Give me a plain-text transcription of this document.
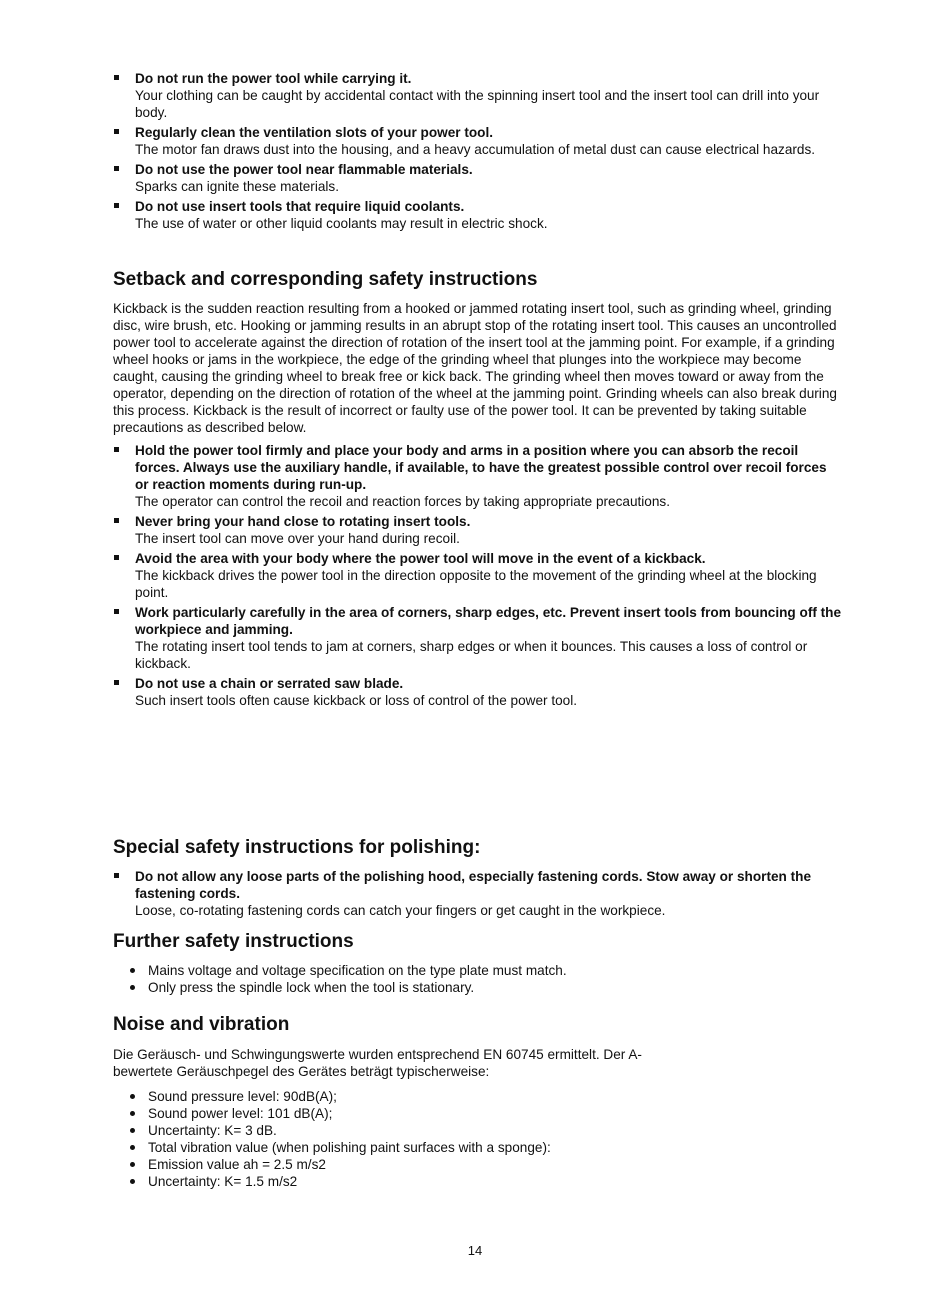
Do not run the power tool while carrying it.
Your clothing can be caught by accidental contact with the spinning insert tool and the insert tool can drill into your body.
Regularly clean the ventilation slots of your power tool.
The motor fan draws dust into the housing, and a heavy accumulation of metal dust can cause electrical hazards.
Do not use the power tool near flammable materials.
Sparks can ignite these materials.
Do not use insert tools that require liquid coolants.
The use of water or other liquid coolants may result in electric shock.
Setback and corresponding safety instructions

Kickback is the sudden reaction resulting from a hooked or jammed rotating insert tool, such as grinding wheel, grinding disc, wire brush, etc. Hooking or jamming results in an abrupt stop of the rotating insert tool. This causes an uncontrolled power tool to accelerate against the direction of rotation of the insert tool at the jamming point. For example, if a grinding wheel hooks or jams in the workpiece, the edge of the grinding wheel that plunges into the workpiece may become caught, causing the grinding wheel to break free or kick back. The grinding wheel then moves toward or away from the operator, depending on the direction of rotation of the wheel at the jamming point. Grinding wheels can also break during this process. Kickback is the result of incorrect or faulty use of the power tool. It can be prevented by taking suitable precautions as described below.

Hold the power tool firmly and place your body and arms in a position where you can absorb the recoil forces. Always use the auxiliary handle, if available, to have the greatest possible control over recoil forces or reaction moments during run-up.
The operator can control the recoil and reaction forces by taking appropriate precautions.
Never bring your hand close to rotating insert tools.
The insert tool can move over your hand during recoil.
Avoid the area with your body where the power tool will move in the event of a kickback.
The kickback drives the power tool in the direction opposite to the movement of the grinding wheel at the blocking point.
Work particularly carefully in the area of corners, sharp edges, etc. Prevent insert tools from bouncing off the workpiece and jamming.
The rotating insert tool tends to jam at corners, sharp edges or when it bounces. This causes a loss of control or kickback.
Do not use a chain or serrated saw blade.
Such insert tools often cause kickback or loss of control of the power tool.
Special safety instructions for polishing:
Do not allow any loose parts of the polishing hood, especially fastening cords. Stow away or shorten the fastening cords.
Loose, co-rotating fastening cords can catch your fingers or get caught in the workpiece.
Further safety instructions
Mains voltage and voltage specification on the type plate must match.
Only press the spindle lock when the tool is stationary.
Noise and vibration

Die Geräusch- und Schwingungswerte wurden entsprechend EN 60745 ermittelt. Der A-bewertete Geräuschpegel des Gerätes beträgt typischerweise:

Sound pressure level: 90dB(A);
Sound power level: 101 dB(A);
Uncertainty: K= 3 dB.
Total vibration value (when polishing paint surfaces with a sponge):
Emission value ah = 2.5 m/s2
Uncertainty: K= 1.5 m/s2
14
